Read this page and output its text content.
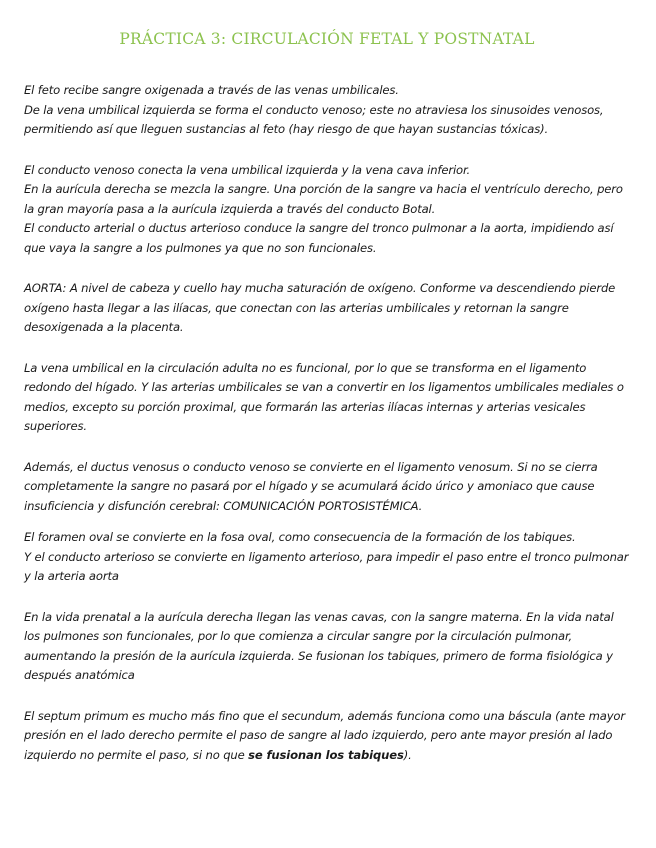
PRÁCTICA 3: CIRCULACIÓN FETAL Y POSTNATAL

El feto recibe sangre oxigenada a través de las venas umbilicales.
De la vena umbilical izquierda se forma el conducto venoso; este no atraviesa los sinusoides venosos, permitiendo así que lleguen sustancias al feto (hay riesgo de que hayan sustancias tóxicas).

El conducto venoso conecta la vena umbilical izquierda y la vena cava inferior.
En la aurícula derecha se mezcla la sangre. Una porción de la sangre va hacia el ventrículo derecho, pero la gran mayoría pasa a la aurícula izquierda a través del conducto Botal.
El conducto arterial o ductus arterioso conduce la sangre del tronco pulmonar a la aorta, impidiendo así que vaya la sangre a los pulmones ya que no son funcionales.

AORTA: A nivel de cabeza y cuello hay mucha saturación de oxígeno. Conforme va descendiendo pierde oxígeno hasta llegar a las ilíacas, que conectan con las arterias umbilicales y retornan la sangre desoxigenada a la placenta.

La vena umbilical en la circulación adulta no es funcional, por lo que se transforma en el ligamento redondo del hígado. Y las arterias umbilicales se van a convertir en los ligamentos umbilicales mediales o medios, excepto su porción proximal, que formarán las arterias ilíacas internas y arterias vesicales superiores.

Además, el ductus venosus o conducto venoso se convierte en el ligamento venosum. Si no se cierra completamente la sangre no pasará por el hígado y se acumulará ácido úrico y amoniaco que cause insuficiencia y disfunción cerebral: COMUNICACIÓN PORTOSISTÉMICA.

El foramen oval se convierte en la fosa oval, como consecuencia de la formación de los tabiques.
Y el conducto arterioso se convierte en ligamento arterioso, para impedir el paso entre el tronco pulmonar y la arteria aorta

En la vida prenatal a la aurícula derecha llegan las venas cavas, con la sangre materna. En la vida natal los pulmones son funcionales, por lo que comienza a circular sangre por la circulación pulmonar, aumentando la presión de la aurícula izquierda. Se fusionan los tabiques, primero de forma fisiológica y después anatómica

El septum primum es mucho más fino que el secundum, además funciona como una báscula (ante mayor presión en el lado derecho permite el paso de sangre al lado izquierdo, pero ante mayor presión al lado izquierdo no permite el paso, si no que se fusionan los tabiques).
